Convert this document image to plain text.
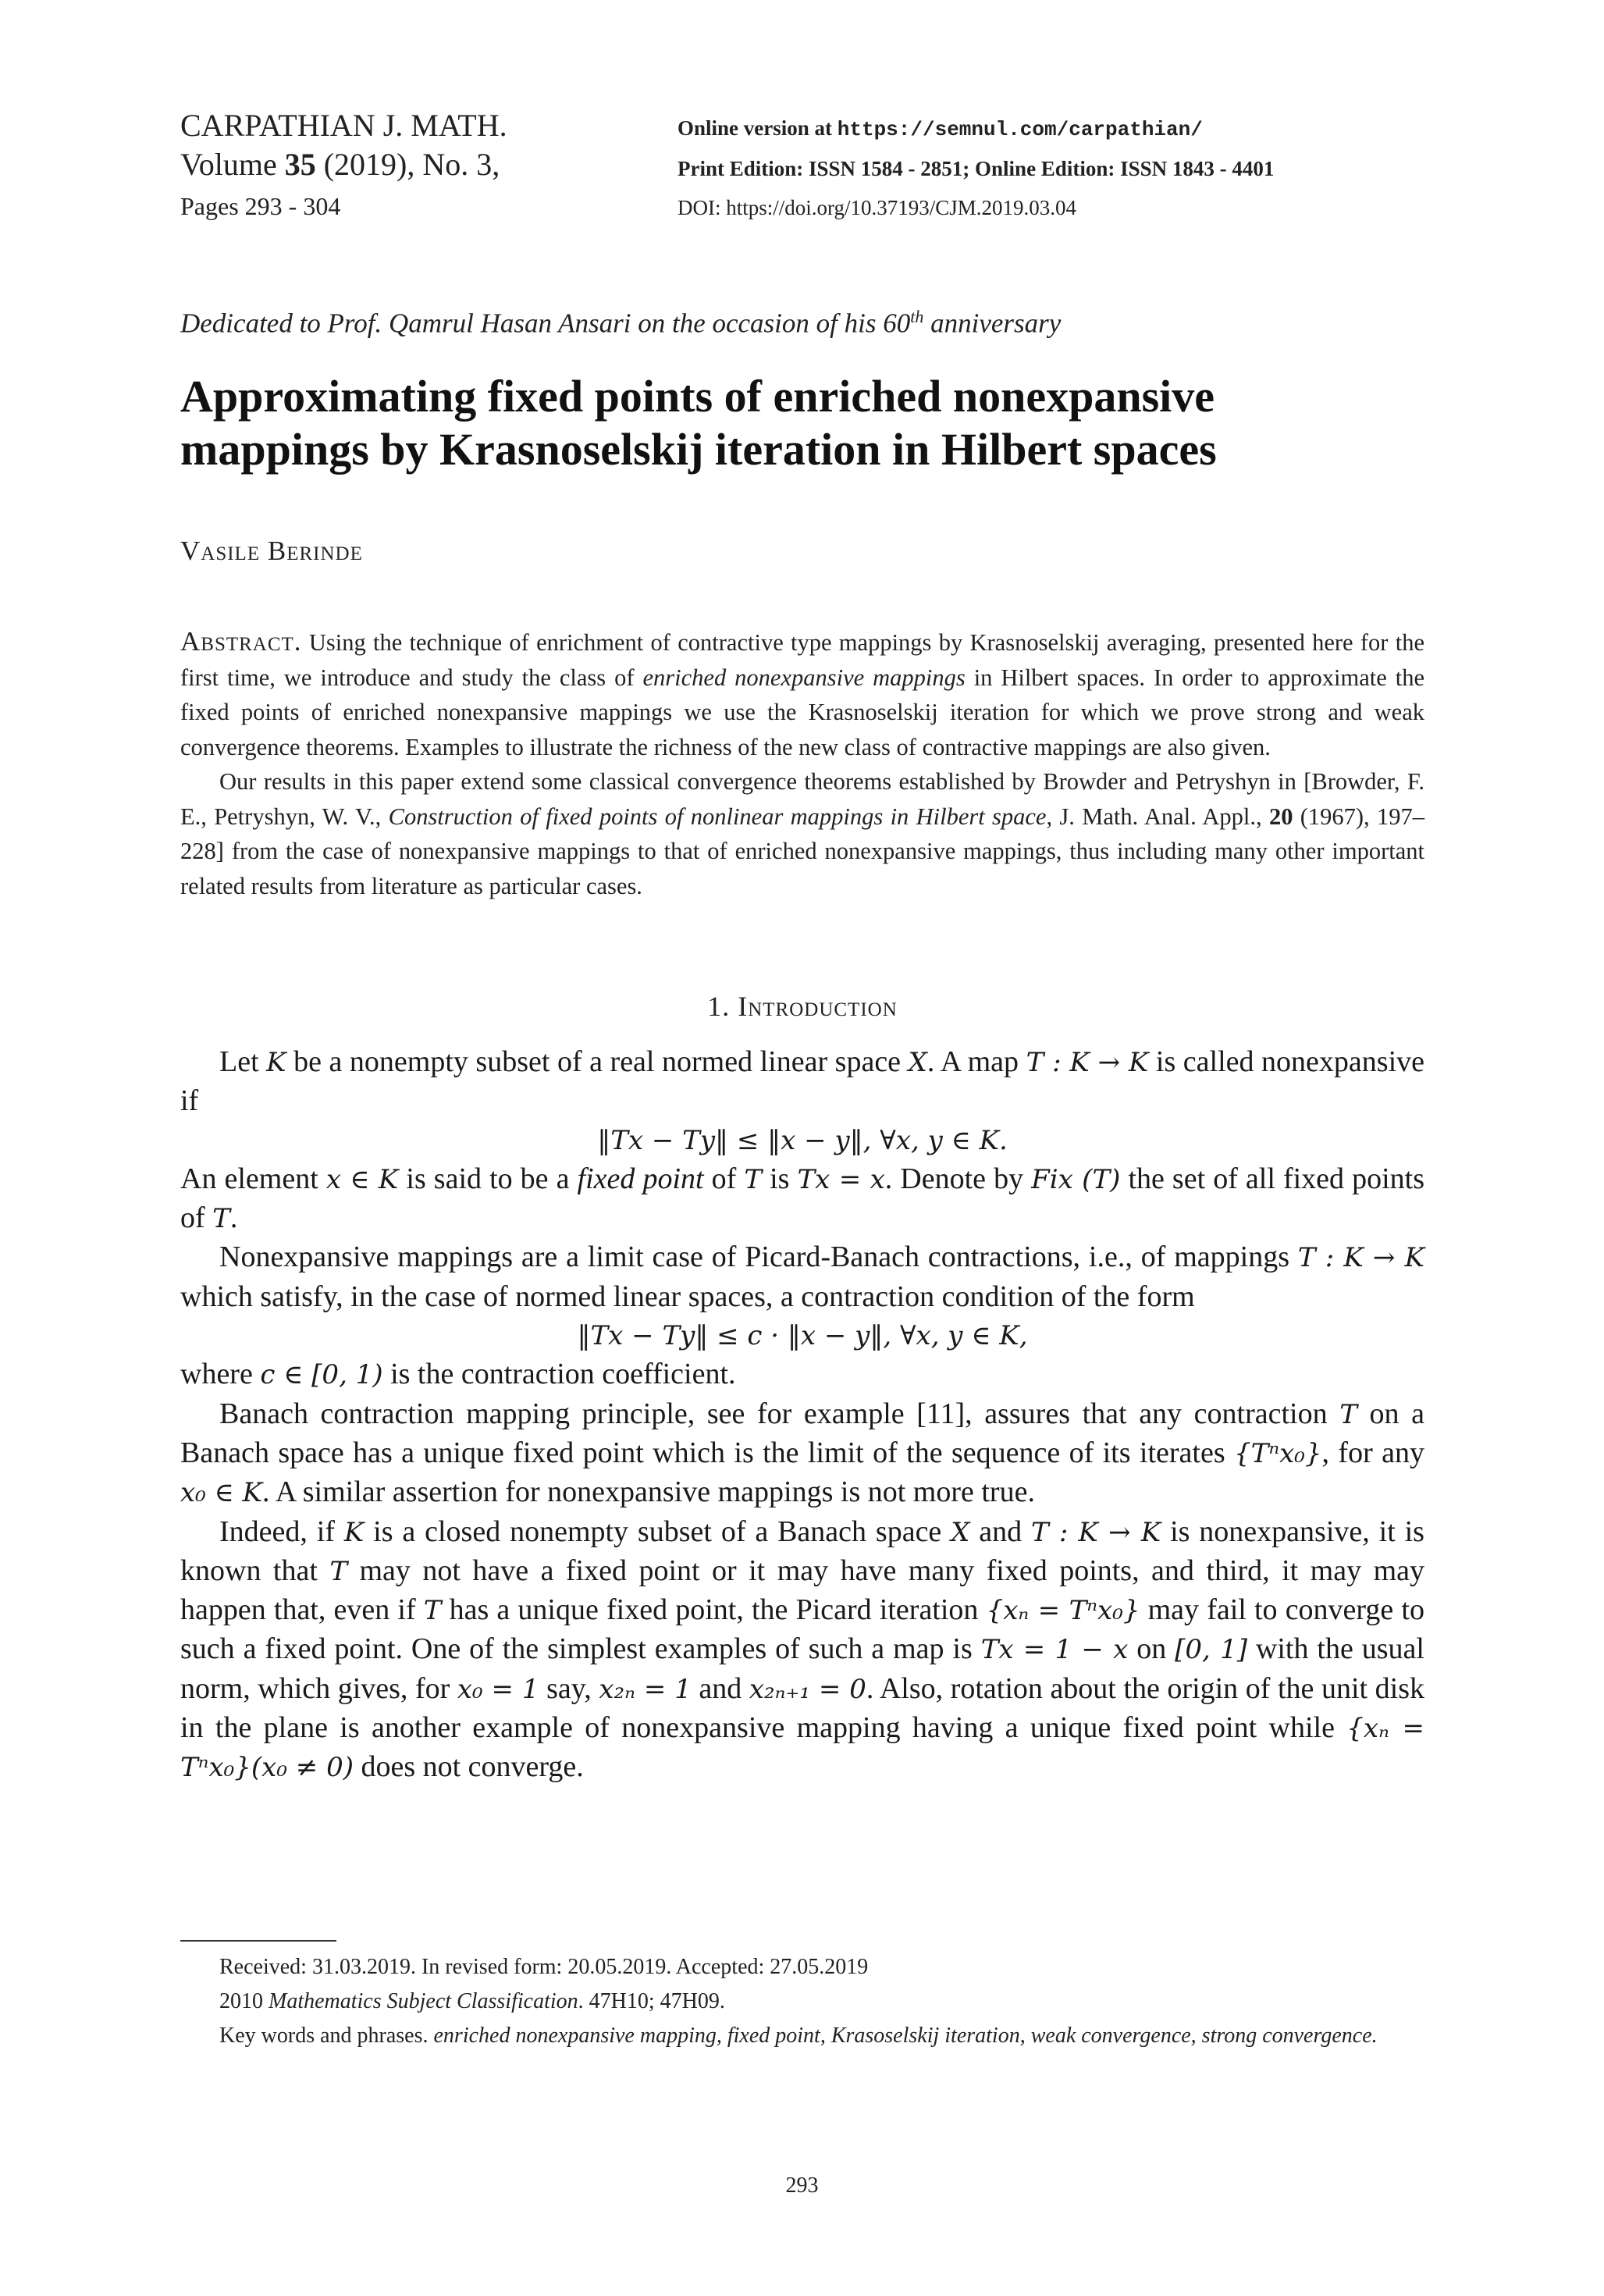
CARPATHIAN J. MATH.
Volume 35 (2019), No. 3,
Pages 293 - 304
Online version at https://semnul.com/carpathian/
Print Edition: ISSN 1584 - 2851; Online Edition: ISSN 1843 - 4401
DOI: https://doi.org/10.37193/CJM.2019.03.04
Dedicated to Prof. Qamrul Hasan Ansari on the occasion of his 60th anniversary
Approximating fixed points of enriched nonexpansive
mappings by Krasnoselskij iteration in Hilbert spaces
Vasile Berinde

Abstract. Using the technique of enrichment of contractive type mappings by Krasnoselskij averaging, presented here for the first time, we introduce and study the class of enriched nonexpansive mappings in Hilbert spaces. In order to approximate the fixed points of enriched nonexpansive mappings we use the Krasnoselskij iteration for which we prove strong and weak convergence theorems. Examples to illustrate the richness of the new class of contractive mappings are also given.

Our results in this paper extend some classical convergence theorems established by Browder and Petryshyn in [Browder, F. E., Petryshyn, W. V., Construction of fixed points of nonlinear mappings in Hilbert space, J. Math. Anal. Appl., 20 (1967), 197–228] from the case of nonexpansive mappings to that of enriched nonexpansive mappings, thus including many other important related results from literature as particular cases.

1. Introduction

Let K be a nonempty subset of a real normed linear space X. A map T : K → K is called nonexpansive if

‖Tx − Ty‖ ≤ ‖x − y‖, ∀x, y ∈ K.

An element x ∈ K is said to be a fixed point of T is Tx = x. Denote by Fix (T) the set of all fixed points of T.

Nonexpansive mappings are a limit case of Picard-Banach contractions, i.e., of mappings T : K → K which satisfy, in the case of normed linear spaces, a contraction condition of the form

‖Tx − Ty‖ ≤ c · ‖x − y‖, ∀x, y ∈ K,

where c ∈ [0, 1) is the contraction coefficient.

Banach contraction mapping principle, see for example [11], assures that any contraction T on a Banach space has a unique fixed point which is the limit of the sequence of its iterates {Tⁿx₀}, for any x₀ ∈ K. A similar assertion for nonexpansive mappings is not more true.

Indeed, if K is a closed nonempty subset of a Banach space X and T : K → K is nonexpansive, it is known that T may not have a fixed point or it may have many fixed points, and third, it may may happen that, even if T has a unique fixed point, the Picard iteration {xₙ = Tⁿx₀} may fail to converge to such a fixed point. One of the simplest examples of such a map is Tx = 1 − x on [0, 1] with the usual norm, which gives, for x₀ = 1 say, x₂ₙ = 1 and x₂ₙ₊₁ = 0. Also, rotation about the origin of the unit disk in the plane is another example of nonexpansive mapping having a unique fixed point while {xₙ = Tⁿx₀}(x₀ ≠ 0) does not converge.

Received: 31.03.2019. In revised form: 20.05.2019. Accepted: 27.05.2019

2010 Mathematics Subject Classification. 47H10; 47H09.

Key words and phrases. enriched nonexpansive mapping, fixed point, Krasoselskij iteration, weak convergence, strong convergence.

293
